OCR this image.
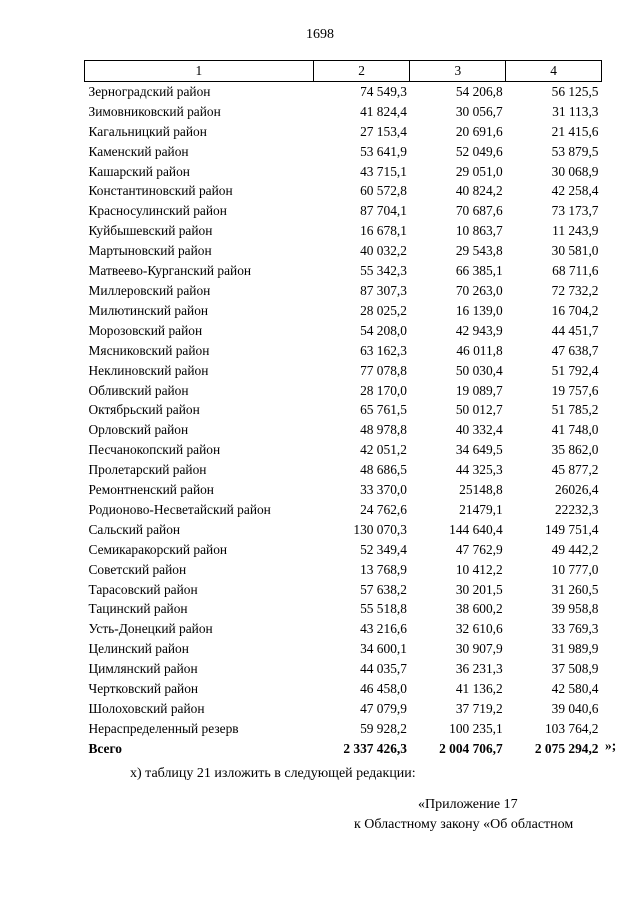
1698
1	2	3	4
Зерноградский район	74 549,3	54 206,8	56 125,5
Зимовниковский район	41 824,4	30 056,7	31 113,3
Кагальницкий район	27 153,4	20 691,6	21 415,6
Каменский район	53 641,9	52 049,6	53 879,5
Кашарский район	43 715,1	29 051,0	30 068,9
Константиновский район	60 572,8	40 824,2	42 258,4
Красносулинский район	87 704,1	70 687,6	73 173,7
Куйбышевский район	16 678,1	10 863,7	11 243,9
Мартыновский район	40 032,2	29 543,8	30 581,0
Матвеево-Курганский район	55 342,3	66 385,1	68 711,6
Миллеровский район	87 307,3	70 263,0	72 732,2
Милютинский район	28 025,2	16 139,0	16 704,2
Морозовский район	54 208,0	42 943,9	44 451,7
Мясниковский район	63 162,3	46 011,8	47 638,7
Неклиновский район	77 078,8	50 030,4	51 792,4
Обливский район	28 170,0	19 089,7	19 757,6
Октябрьский район	65 761,5	50 012,7	51 785,2
Орловский район	48 978,8	40 332,4	41 748,0
Песчанокопский район	42 051,2	34 649,5	35 862,0
Пролетарский район	48 686,5	44 325,3	45 877,2
Ремонтненский район	33 370,0	25148,8	26026,4
Родионово-Несветайский район	24 762,6	21479,1	22232,3
Сальский район	130 070,3	144 640,4	149 751,4
Семикаракорский район	52 349,4	47 762,9	49 442,2
Советский район	13 768,9	10 412,2	10 777,0
Тарасовский район	57 638,2	30 201,5	31 260,5
Тацинский район	55 518,8	38 600,2	39 958,8
Усть-Донецкий район	43 216,6	32 610,6	33 769,3
Целинский район	34 600,1	30 907,9	31 989,9
Цимлянский район	44 035,7	36 231,3	37 508,9
Чертковский район	46 458,0	41 136,2	42 580,4
Шолоховский район	47 079,9	37 719,2	39 040,6
Нераспределенный резерв	59 928,2	100 235,1	103 764,2
Всего	2 337 426,3	2 004 706,7	2 075 294,2 »;
х) таблицу 21 изложить в следующей редакции:
«Приложение 17
к Областному закону «Об областном
